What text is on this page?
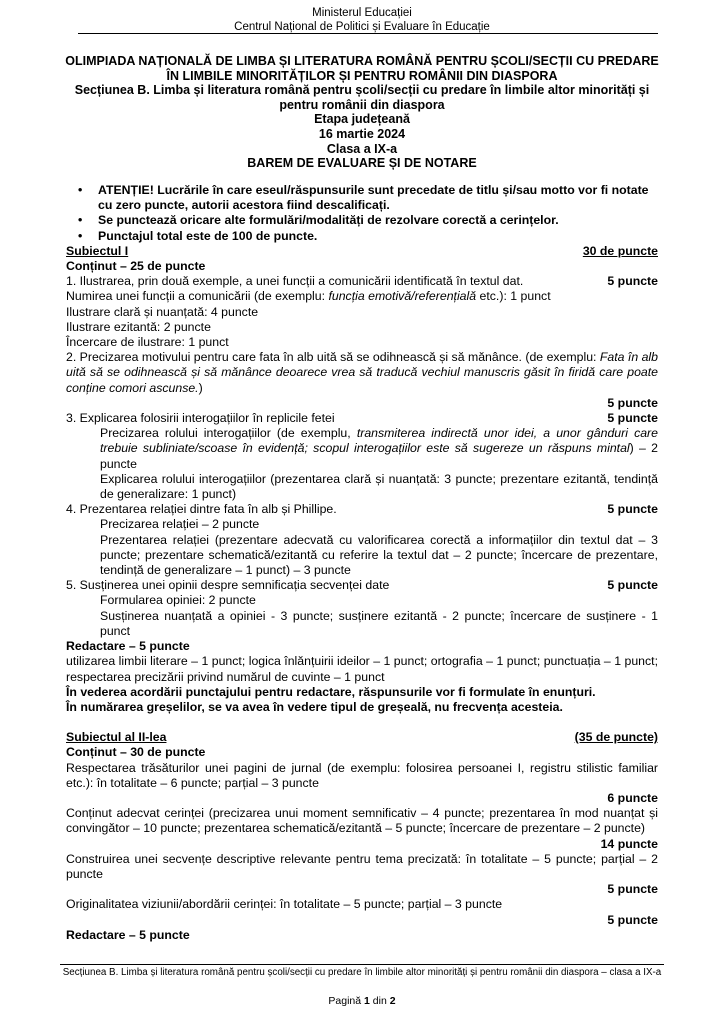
Ministerul Educației
Centrul Național de Politici și Evaluare în Educație
OLIMPIADA NAȚIONALĂ DE LIMBA ȘI LITERATURA ROMÂNĂ PENTRU ȘCOLI/SECȚII CU PREDARE ÎN LIMBILE MINORITĂȚILOR ȘI PENTRU ROMÂNII DIN DIASPORA
Secțiunea B. Limba și literatura română pentru școli/secții cu predare în limbile altor minorități și pentru românii din diaspora
Etapa județeană
16 martie 2024
Clasa a IX-a
BAREM DE EVALUARE ȘI DE NOTARE
• ATENȚIE! Lucrările în care eseul/răspunsurile sunt precedate de titlu și/sau motto vor fi notate cu zero puncte, autorii acestora fiind descalificați.
• Se punctează oricare alte formulări/modalități de rezolvare corectă a cerințelor.
• Punctajul total este de 100 de puncte.
Subiectul I	30 de puncte
Conținut – 25 de puncte
1. Ilustrarea, prin două exemple, a unei funcții a comunicării identificată în textul dat.	5 puncte
Numirea unei funcții a comunicării (de exemplu: funcția emotivă/referențială etc.): 1 punct
Ilustrare clară și nuanțată: 4 puncte
Ilustrare ezitantă: 2 puncte
Încercare de ilustrare: 1 punct
2. Precizarea motivului pentru care fata în alb uită să se odihnească și să mănânce. (de exemplu: Fata în alb uită să se odihnească și să mănânce deoarece vrea să traducă vechiul manuscris găsit în firidă care poate conține comori ascunse.)
5 puncte
3. Explicarea folosirii interogațiilor în replicile fetei	5 puncte
Precizarea rolului interogațiilor (de exemplu, transmiterea indirectă unor idei, a unor gânduri care trebuie subliniate/scoase în evidență; scopul interogațiilor este să sugereze un răspuns mintal) – 2 puncte
Explicarea rolului interogațiilor (prezentarea clară și nuanțată: 3 puncte; prezentare ezitantă, tendință de generalizare: 1 punct)
4. Prezentarea relației dintre fata în alb și Phillipe.	5 puncte
Precizarea relației – 2 puncte
Prezentarea relației (prezentare adecvată cu valorificarea corectă a informațiilor din textul dat – 3 puncte; prezentare schematică/ezitantă cu referire la textul dat – 2 puncte; încercare de prezentare, tendință de generalizare – 1 punct) – 3 puncte
5. Susținerea unei opinii despre semnificația secvenței date	5 puncte
Formularea opiniei: 2 puncte
Susținerea nuanțată a opiniei - 3 puncte; susținere ezitantă - 2 puncte; încercare de susținere - 1 punct
Redactare – 5 puncte
utilizarea limbii literare – 1 punct; logica înlănțuirii ideilor – 1 punct; ortografia – 1 punct; punctuația – 1 punct; respectarea precizării privind numărul de cuvinte – 1 punct
În vederea acordării punctajului pentru redactare, răspunsurile vor fi formulate în enunțuri.
În numărarea greșelilor, se va avea în vedere tipul de greșeală, nu frecvența acesteia.
Subiectul al II-lea	(35 de puncte)
Conținut – 30 de puncte
Respectarea trăsăturilor unei pagini de jurnal (de exemplu: folosirea persoanei I, registru stilistic familiar etc.): în totalitate – 6 puncte; parțial – 3 puncte
6 puncte
Conținut adecvat cerinței (precizarea unui moment semnificativ – 4 puncte; prezentarea în mod nuanțat și convingător – 10 puncte; prezentarea schematică/ezitantă – 5 puncte; încercare de prezentare – 2 puncte)
14 puncte
Construirea unei secvențe descriptive relevante pentru tema precizată: în totalitate – 5 puncte; parțial – 2 puncte
5 puncte
Originalitatea viziunii/abordării cerinței: în totalitate – 5 puncte; parțial – 3 puncte
5 puncte
Redactare – 5 puncte
Secțiunea B. Limba și literatura română pentru școli/secții cu predare în limbile altor minorități și pentru românii din diaspora – clasa a IX-a
Pagină 1 din 2
